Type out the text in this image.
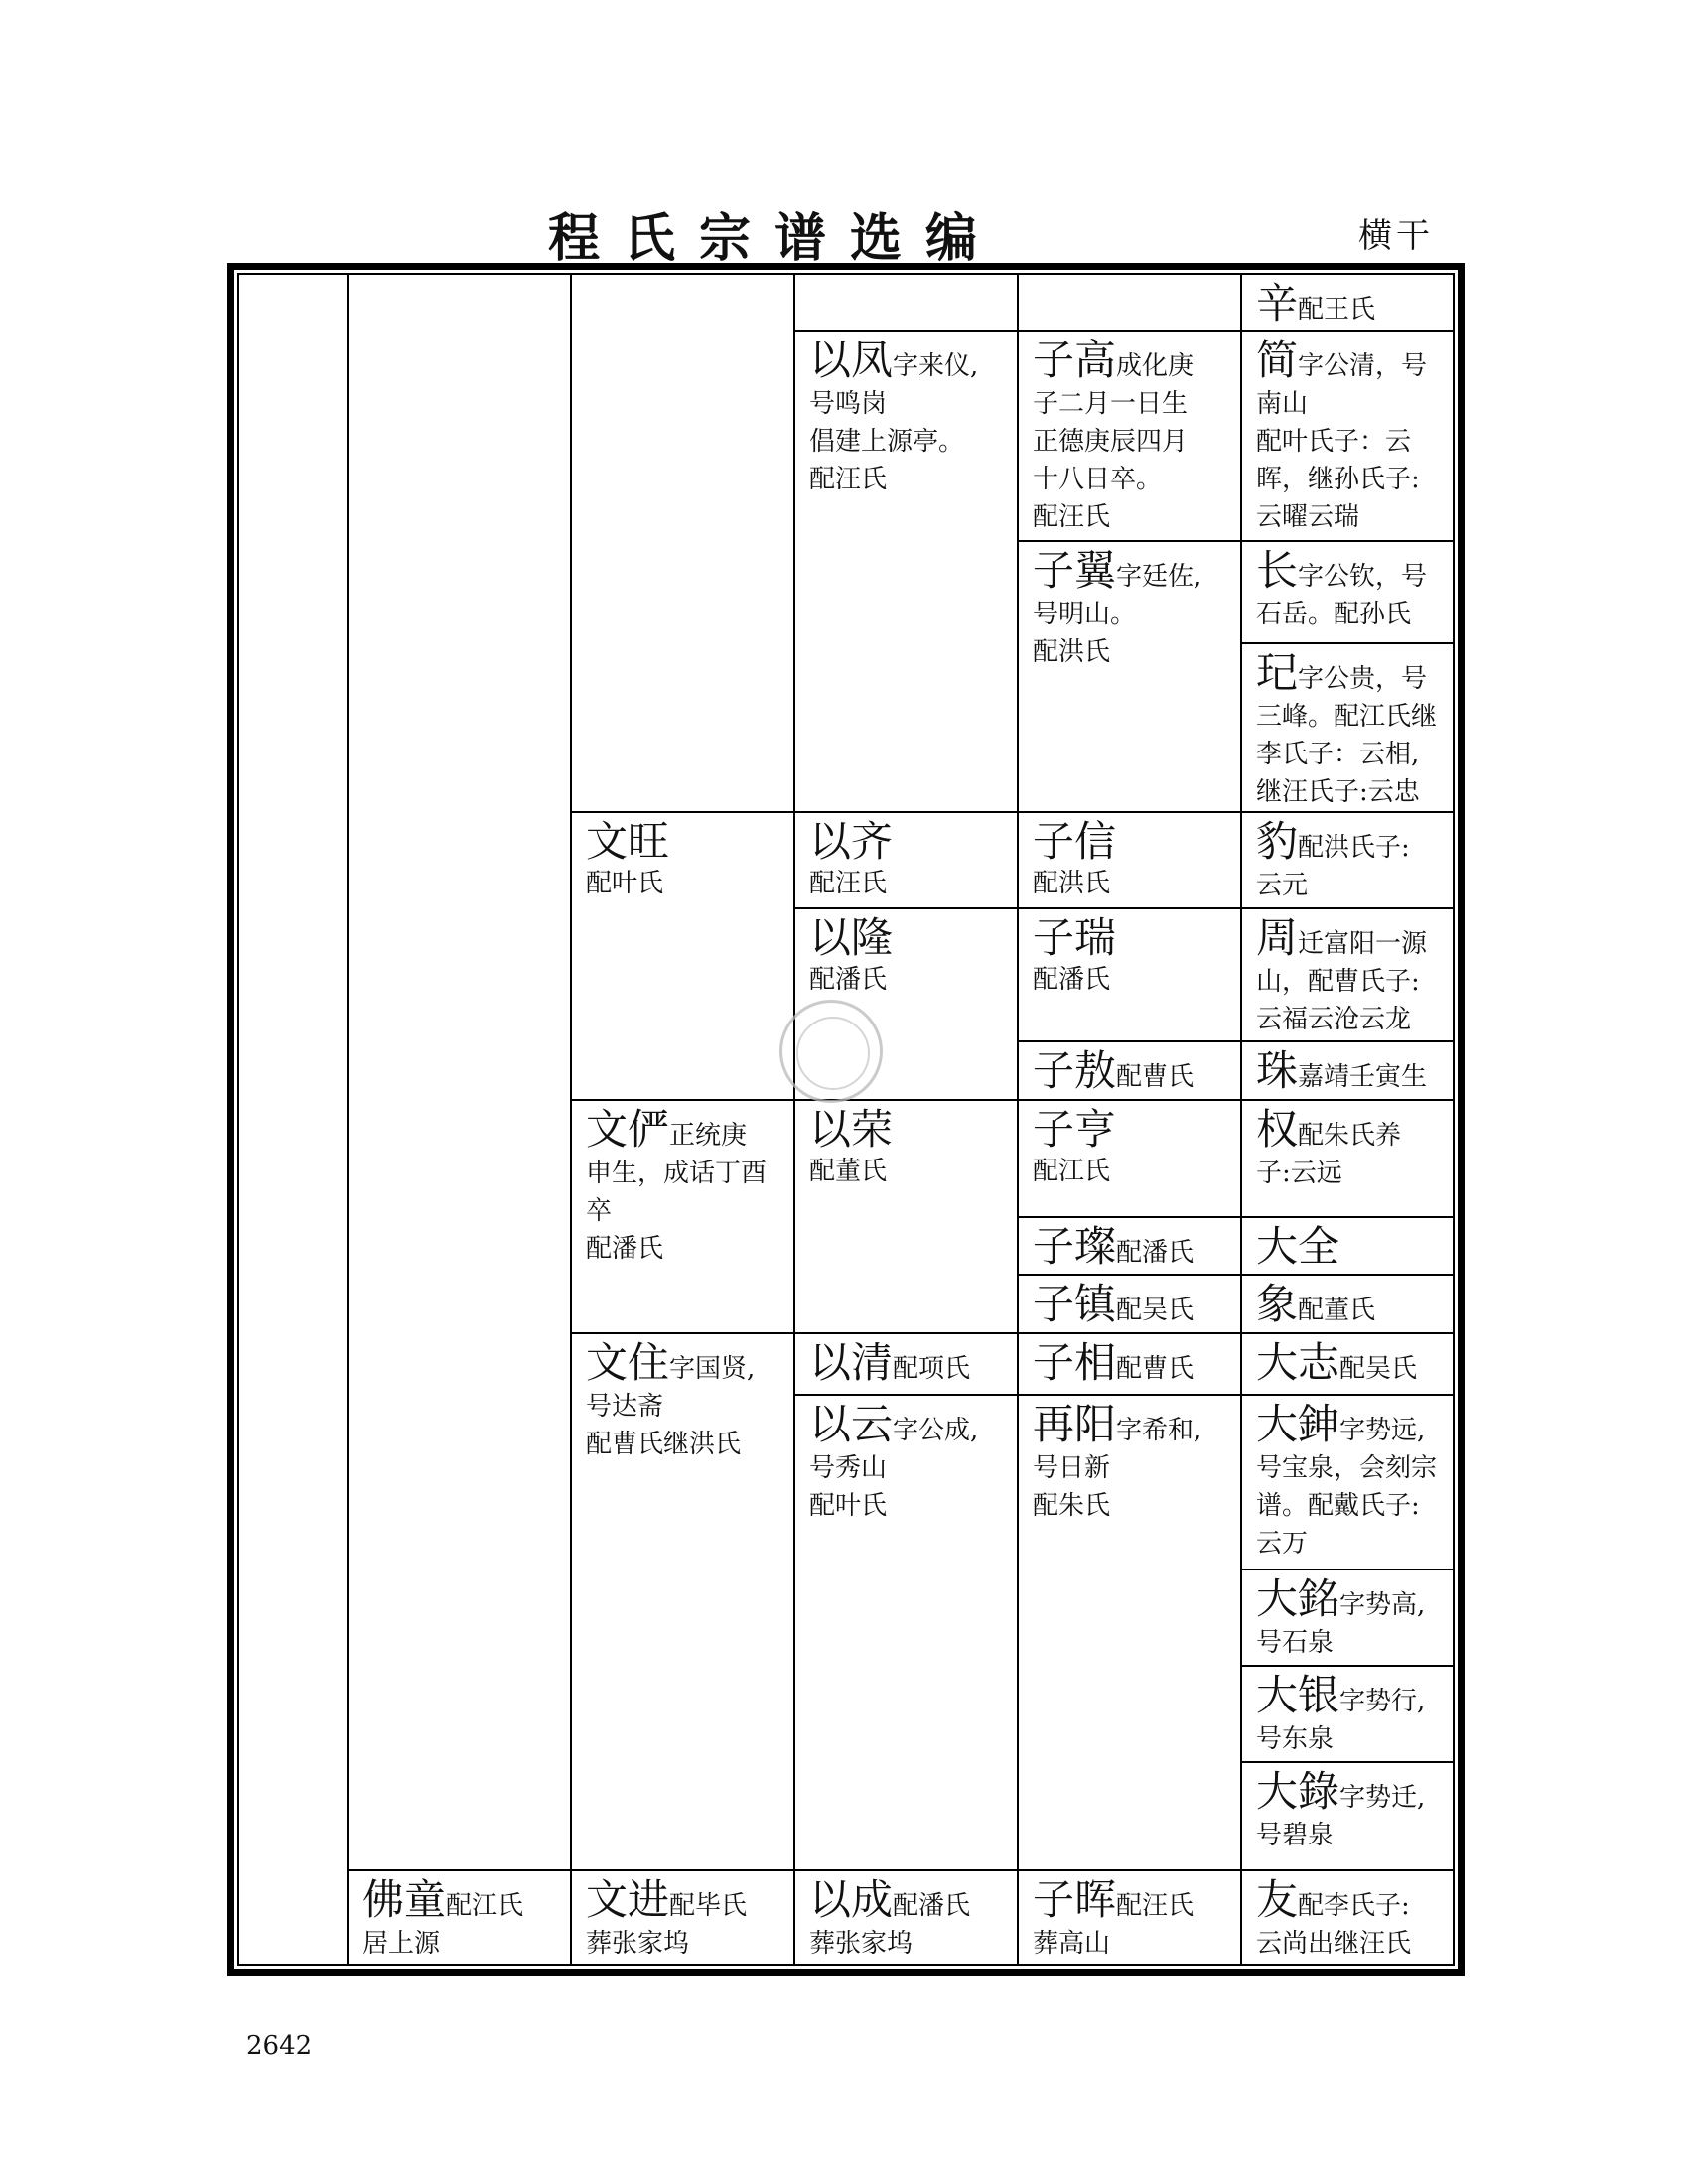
程氏宗谱选编	横干
佛童配江氏
居上源
文旺
配叶氏
文俨正统庚
申生，成话丁酉
卒
配潘氏
文住字国贤,
号达斋
配曹氏继洪氏
文进配毕氏
葬张家坞
以凤字来仪,
号鸣岗
倡建上源亭。
配汪氏
以齐
配汪氏
以隆
配潘氏
以荣
配董氏
以清配项氏
以云字公成,
号秀山
配叶氏
以成配潘氏
葬张家坞
子高成化庚
子二月一日生
正德庚辰四月
十八日卒。
配汪氏
子翼字廷佐,
号明山。
配洪氏
子信
配洪氏
子瑞
配潘氏
子敖配曹氏
子亨
配江氏
子璨配潘氏
子镇配吴氏
子相配曹氏
再阳字希和,
号日新
配朱氏
子晖配汪氏
葬高山
辛配王氏
简字公清，号
南山
配叶氏子：云
晖，继孙氏子:
云曜云瑞
长字公钦，号
石岳。配孙氏
玘字公贵，号
三峰。配江氏继
李氏子：云相,
继汪氏子:云忠
豹配洪氏子:
云元
周迁富阳一源
山，配曹氏子:
云福云沧云龙
珠嘉靖壬寅生
权配朱氏养
子:云远
大全
象配董氏
大志配吴氏
大鉮字势远,
号宝泉，会刻宗
谱。配戴氏子:
云万
大銘字势高,
号石泉
大银字势行,
号东泉
大錄字势迁,
号碧泉
友配李氏子:
云尚出继汪氏
2642
